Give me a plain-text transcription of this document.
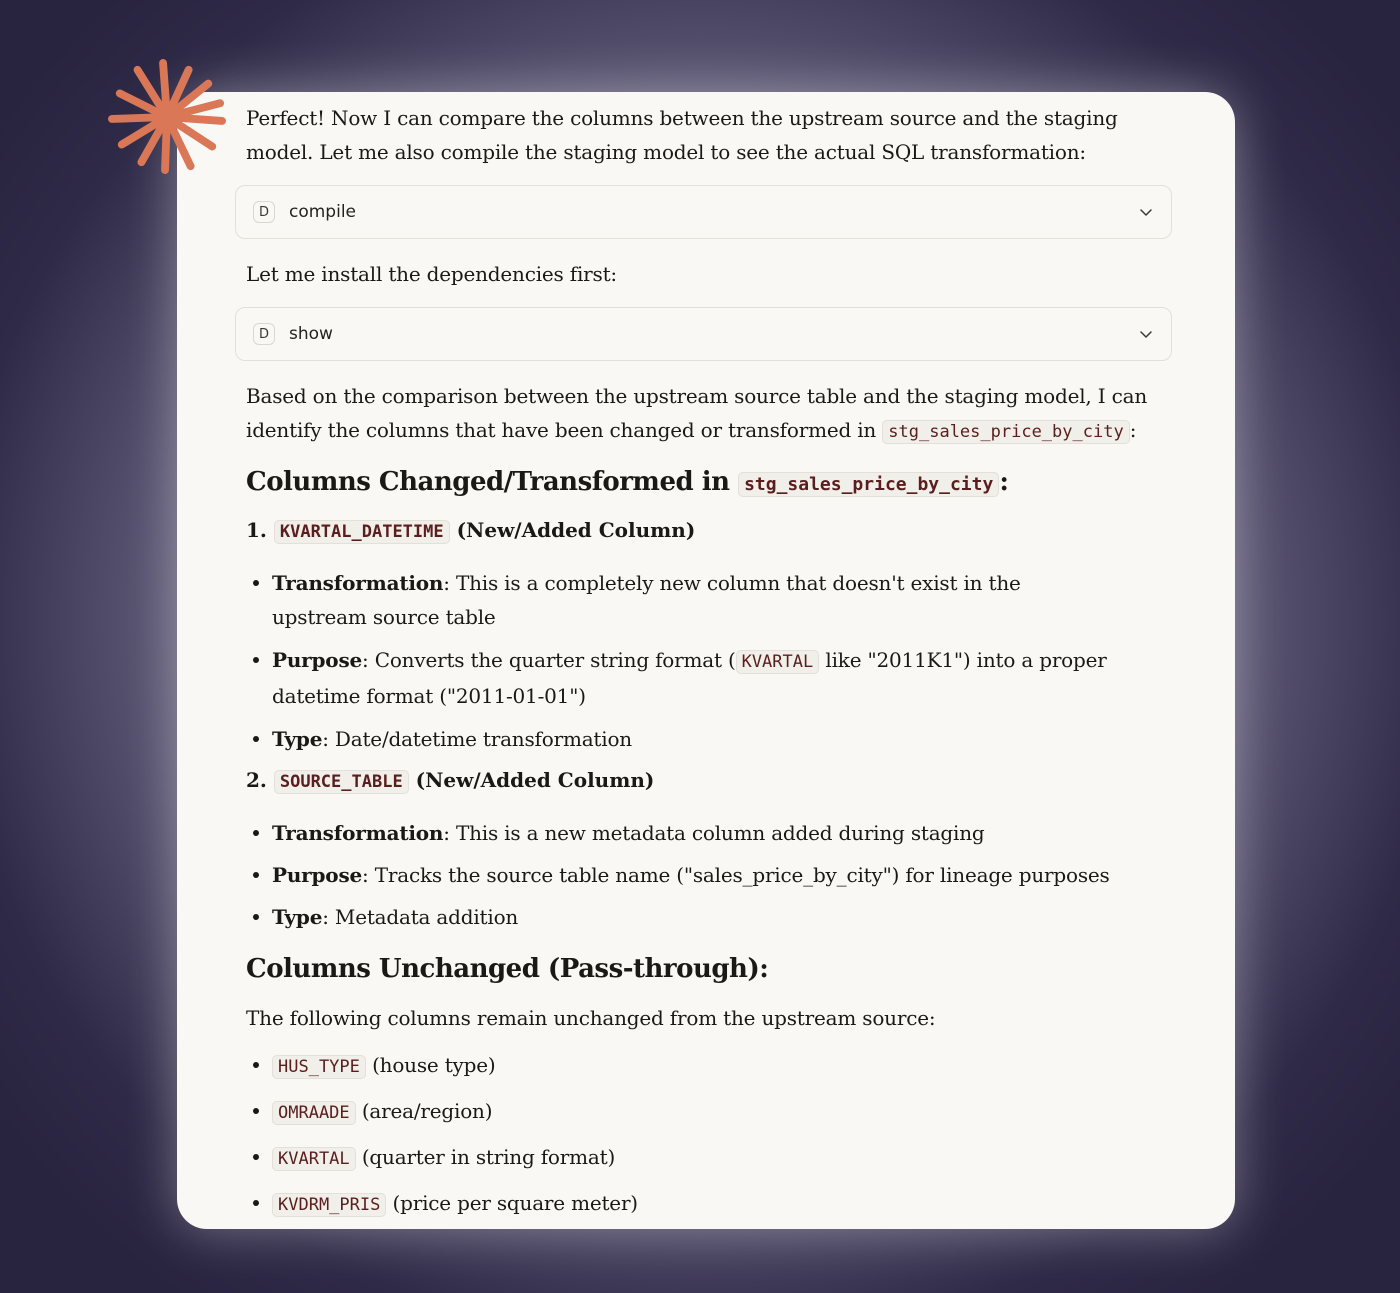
Perfect! Now I can compare the columns between the upstream source and the staging model. Let me also compile the staging model to see the actual SQL transformation:

D	compile

Let me install the dependencies first:

D	show

Based on the comparison between the upstream source table and the staging model, I can identify the columns that have been changed or transformed in stg_sales_price_by_city :

Columns Changed/Transformed in stg_sales_price_by_city :
1. KVARTAL_DATETIME (New/Added Column)
Transformation: This is a completely new column that doesn't exist in the upstream source table
Purpose: Converts the quarter string format ( KVARTAL like "2011K1") into a proper datetime format ("2011-01-01")
Type: Date/datetime transformation
2. SOURCE_TABLE (New/Added Column)
Transformation: This is a new metadata column added during staging
Purpose: Tracks the source table name ("sales_price_by_city") for lineage purposes
Type: Metadata addition
Columns Unchanged (Pass-through):

The following columns remain unchanged from the upstream source:

HUS_TYPE (house type)
OMRAADE (area/region)
KVARTAL (quarter in string format)
KVDRM_PRIS (price per square meter)
